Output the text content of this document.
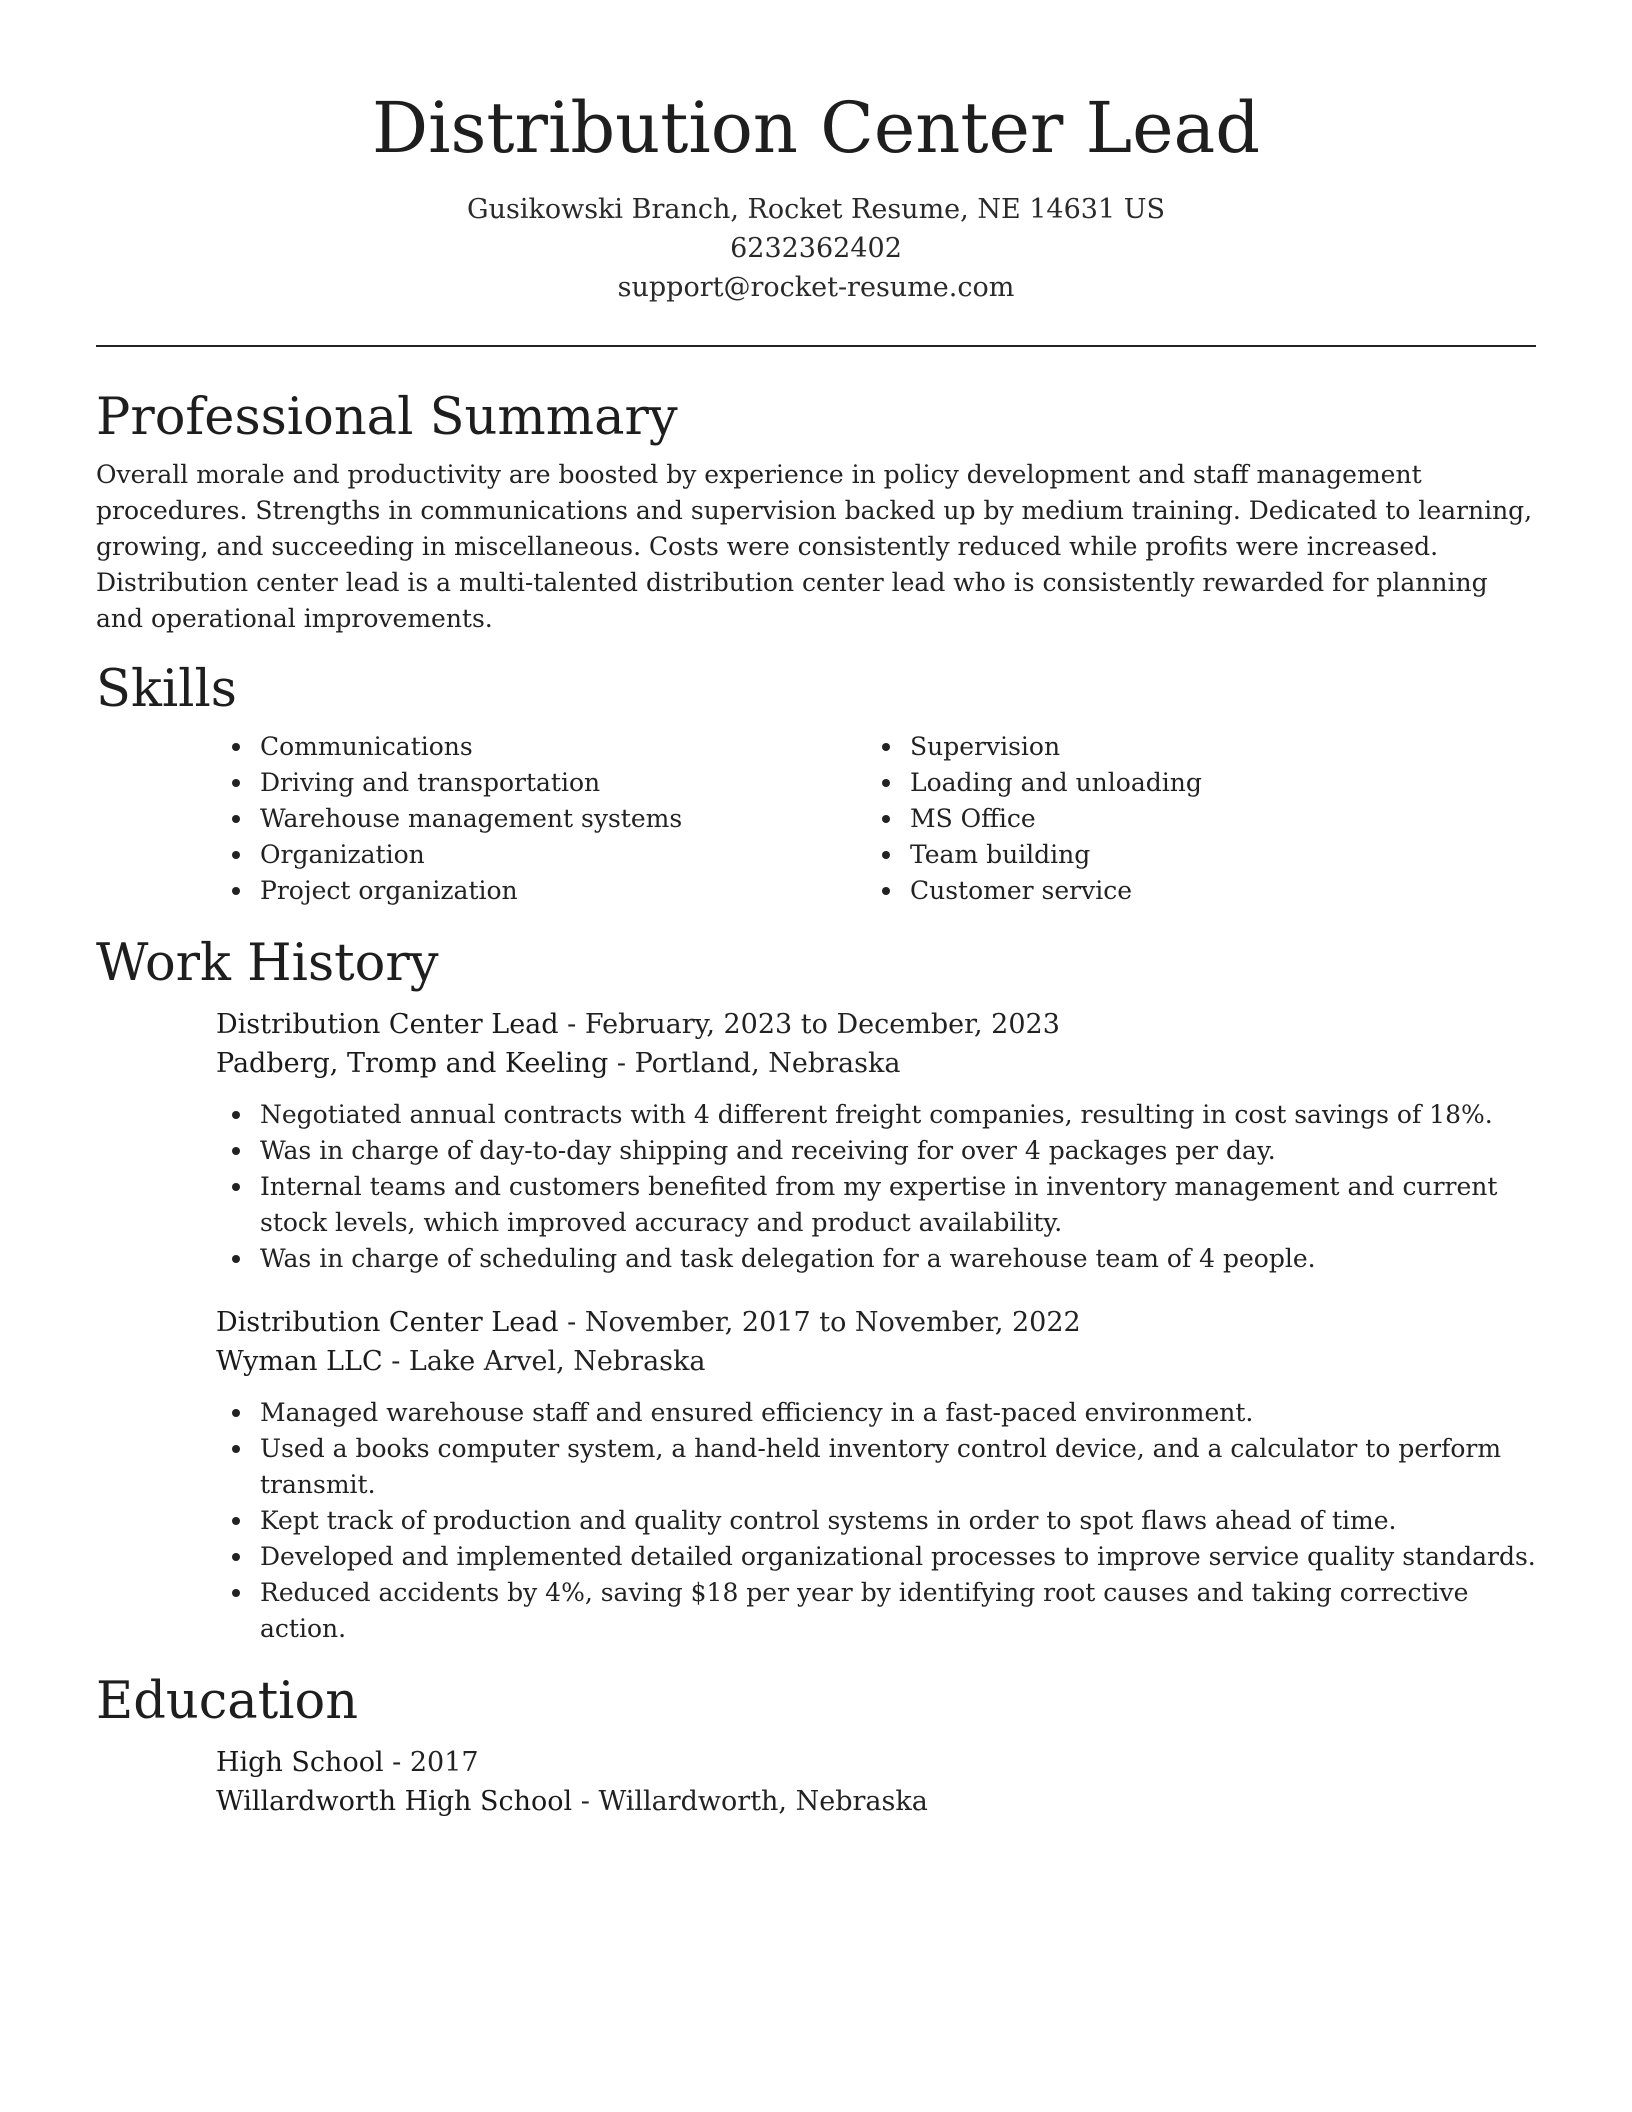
Distribution Center Lead
Gusikowski Branch, Rocket Resume, NE 14631 US
6232362402
support@rocket-resume.com
Professional Summary

Overall morale and productivity are boosted by experience in policy development and staff management procedures. Strengths in communications and supervision backed up by medium training. Dedicated to learning, growing, and succeeding in miscellaneous. Costs were consistently reduced while profits were increased. Distribution center lead is a multi-talented distribution center lead who is consistently rewarded for planning and operational improvements.

Skills
Communications
Driving and transportation
Warehouse management systems
Organization
Project organization
Supervision
Loading and unloading
MS Office
Team building
Customer service
Work History
Distribution Center Lead - February, 2023 to December, 2023
Padberg, Tromp and Keeling - Portland, Nebraska
Negotiated annual contracts with 4 different freight companies, resulting in cost savings of 18%.
Was in charge of day-to-day shipping and receiving for over 4 packages per day.
Internal teams and customers benefited from my expertise in inventory management and current stock levels, which improved accuracy and product availability.
Was in charge of scheduling and task delegation for a warehouse team of 4 people.
Distribution Center Lead - November, 2017 to November, 2022
Wyman LLC - Lake Arvel, Nebraska
Managed warehouse staff and ensured efficiency in a fast-paced environment.
Used a books computer system, a hand-held inventory control device, and a calculator to perform transmit.
Kept track of production and quality control systems in order to spot flaws ahead of time.
Developed and implemented detailed organizational processes to improve service quality standards.
Reduced accidents by 4%, saving $18 per year by identifying root causes and taking corrective action.
Education
High School - 2017
Willardworth High School - Willardworth, Nebraska
